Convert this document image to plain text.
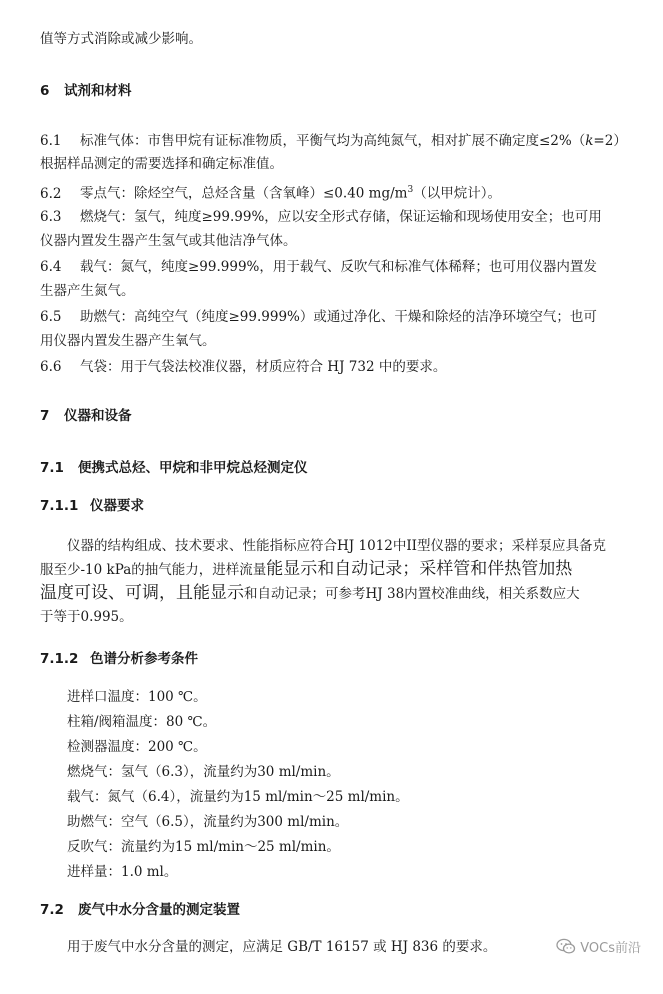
值等方式消除或减少影响。
6 试剂和材料
6.1 标准气体：市售甲烷有证标准物质，平衡气均为高纯氮气，相对扩展不确定度≤2%（k=2）
根据样品测定的需要选择和确定标准值。
6.2 零点气：除烃空气，总烃含量（含氧峰）≤0.40 $mg/m^3$（以甲烷计）。
6.3 燃烧气：氢气，纯度≥99.99%，应以安全形式存储，保证运输和现场使用安全；也可用
仪器内置发生器产生氢气或其他洁净气体。
6.4 载气：氮气，纯度≥99.999%，用于载气、反吹气和标准气体稀释；也可用仪器内置发
生器产生氮气。
6.5 助燃气：高纯空气（纯度≥99.999%）或通过净化、干燥和除烃的洁净环境空气；也可
用仪器内置发生器产生氧气。
6.6 气袋：用于气袋法校准仪器，材质应符合 HJ 732 中的要求。
7 仪器和设备
7.1 便携式总烃、甲烷和非甲烷总烃测定仪
7.1.1 仪器要求
仪器的结构组成、技术要求、性能指标应符合HJ 1012中II型仪器的要求；采样泵应具备克
服至少-10 kPa的抽气能力，进样流量能显示和自动记录；采样管和伴热管加热
温度可设、可调，且能显示和自动记录；可参考HJ 38内置校准曲线，相关系数应大
于等于0.995。
7.1.2 色谱分析参考条件
进样口温度：100 ℃。
柱箱/阀箱温度：80 ℃。
检测器温度：200 ℃。
燃烧气：氢气（6.3），流量约为30 ml/min。
载气：氮气（6.4），流量约为15 ml/min～25 ml/min。
助燃气：空气（6.5），流量约为300 ml/min。
反吹气：流量约为15 ml/min～25 ml/min。
进样量：1.0 ml。
7.2 废气中水分含量的测定装置
用于废气中水分含量的测定，应满足 GB/T 16157 或 HJ 836 的要求。	VOCs前沿
